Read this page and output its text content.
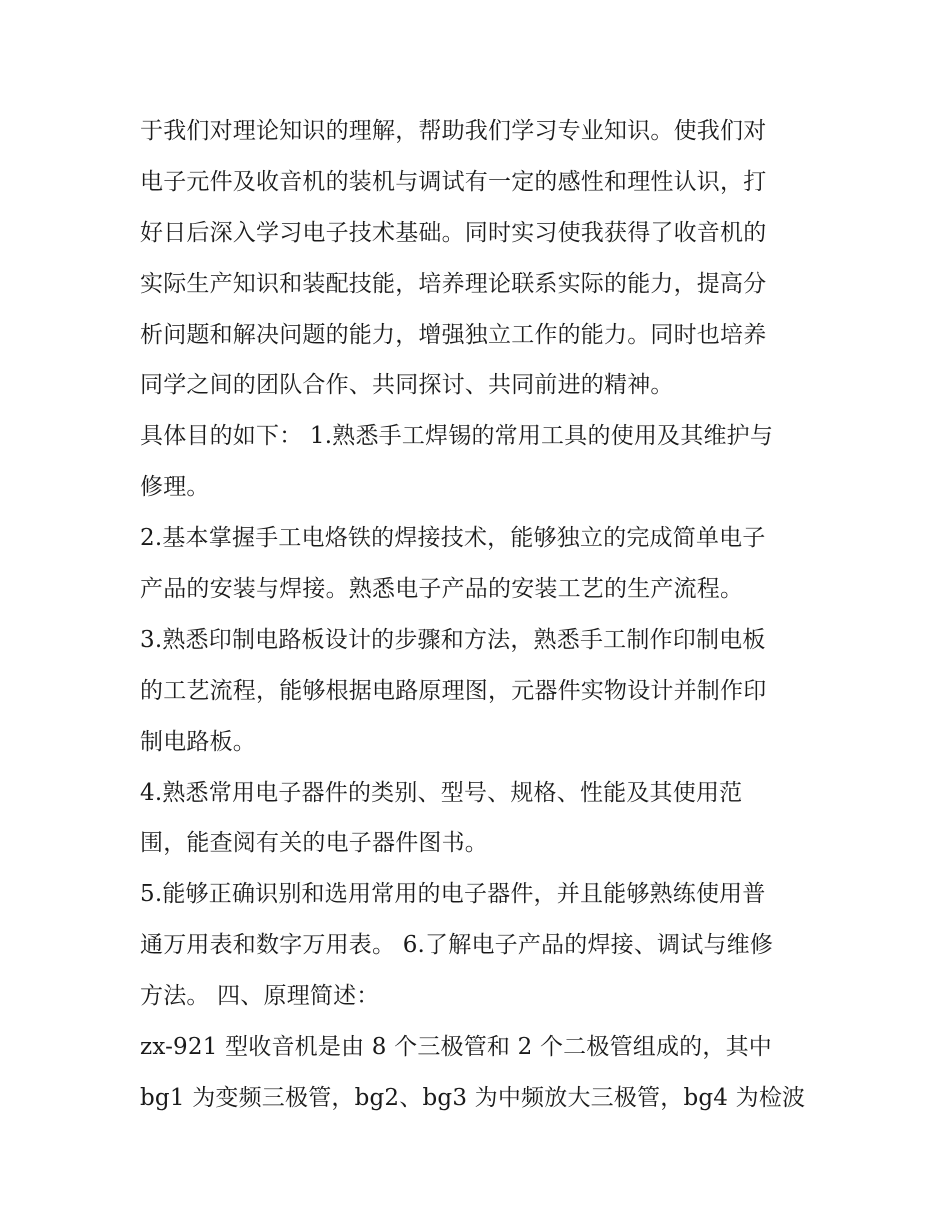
于我们对理论知识的理解，帮助我们学习专业知识。使我们对
电子元件及收音机的装机与调试有一定的感性和理性认识，打
好日后深入学习电子技术基础。同时实习使我获得了收音机的
实际生产知识和装配技能，培养理论联系实际的能力，提高分
析问题和解决问题的能力，增强独立工作的能力。同时也培养
同学之间的团队合作、共同探讨、共同前进的精神。
具体目的如下： 1.熟悉手工焊锡的常用工具的使用及其维护与
修理。
2.基本掌握手工电烙铁的焊接技术，能够独立的完成简单电子
产品的安装与焊接。熟悉电子产品的安装工艺的生产流程。
3.熟悉印制电路板设计的步骤和方法，熟悉手工制作印制电板
的工艺流程，能够根据电路原理图，元器件实物设计并制作印
制电路板。
4.熟悉常用电子器件的类别、型号、规格、性能及其使用范
围，能查阅有关的电子器件图书。
5.能够正确识别和选用常用的电子器件，并且能够熟练使用普
通万用表和数字万用表。 6.了解电子产品的焊接、调试与维修
方法。 四、原理简述：
zx-921 型收音机是由 8 个三极管和 2 个二极管组成的，其中
bg1 为变频三极管，bg2、bg3 为中频放大三极管，bg4 为检波
